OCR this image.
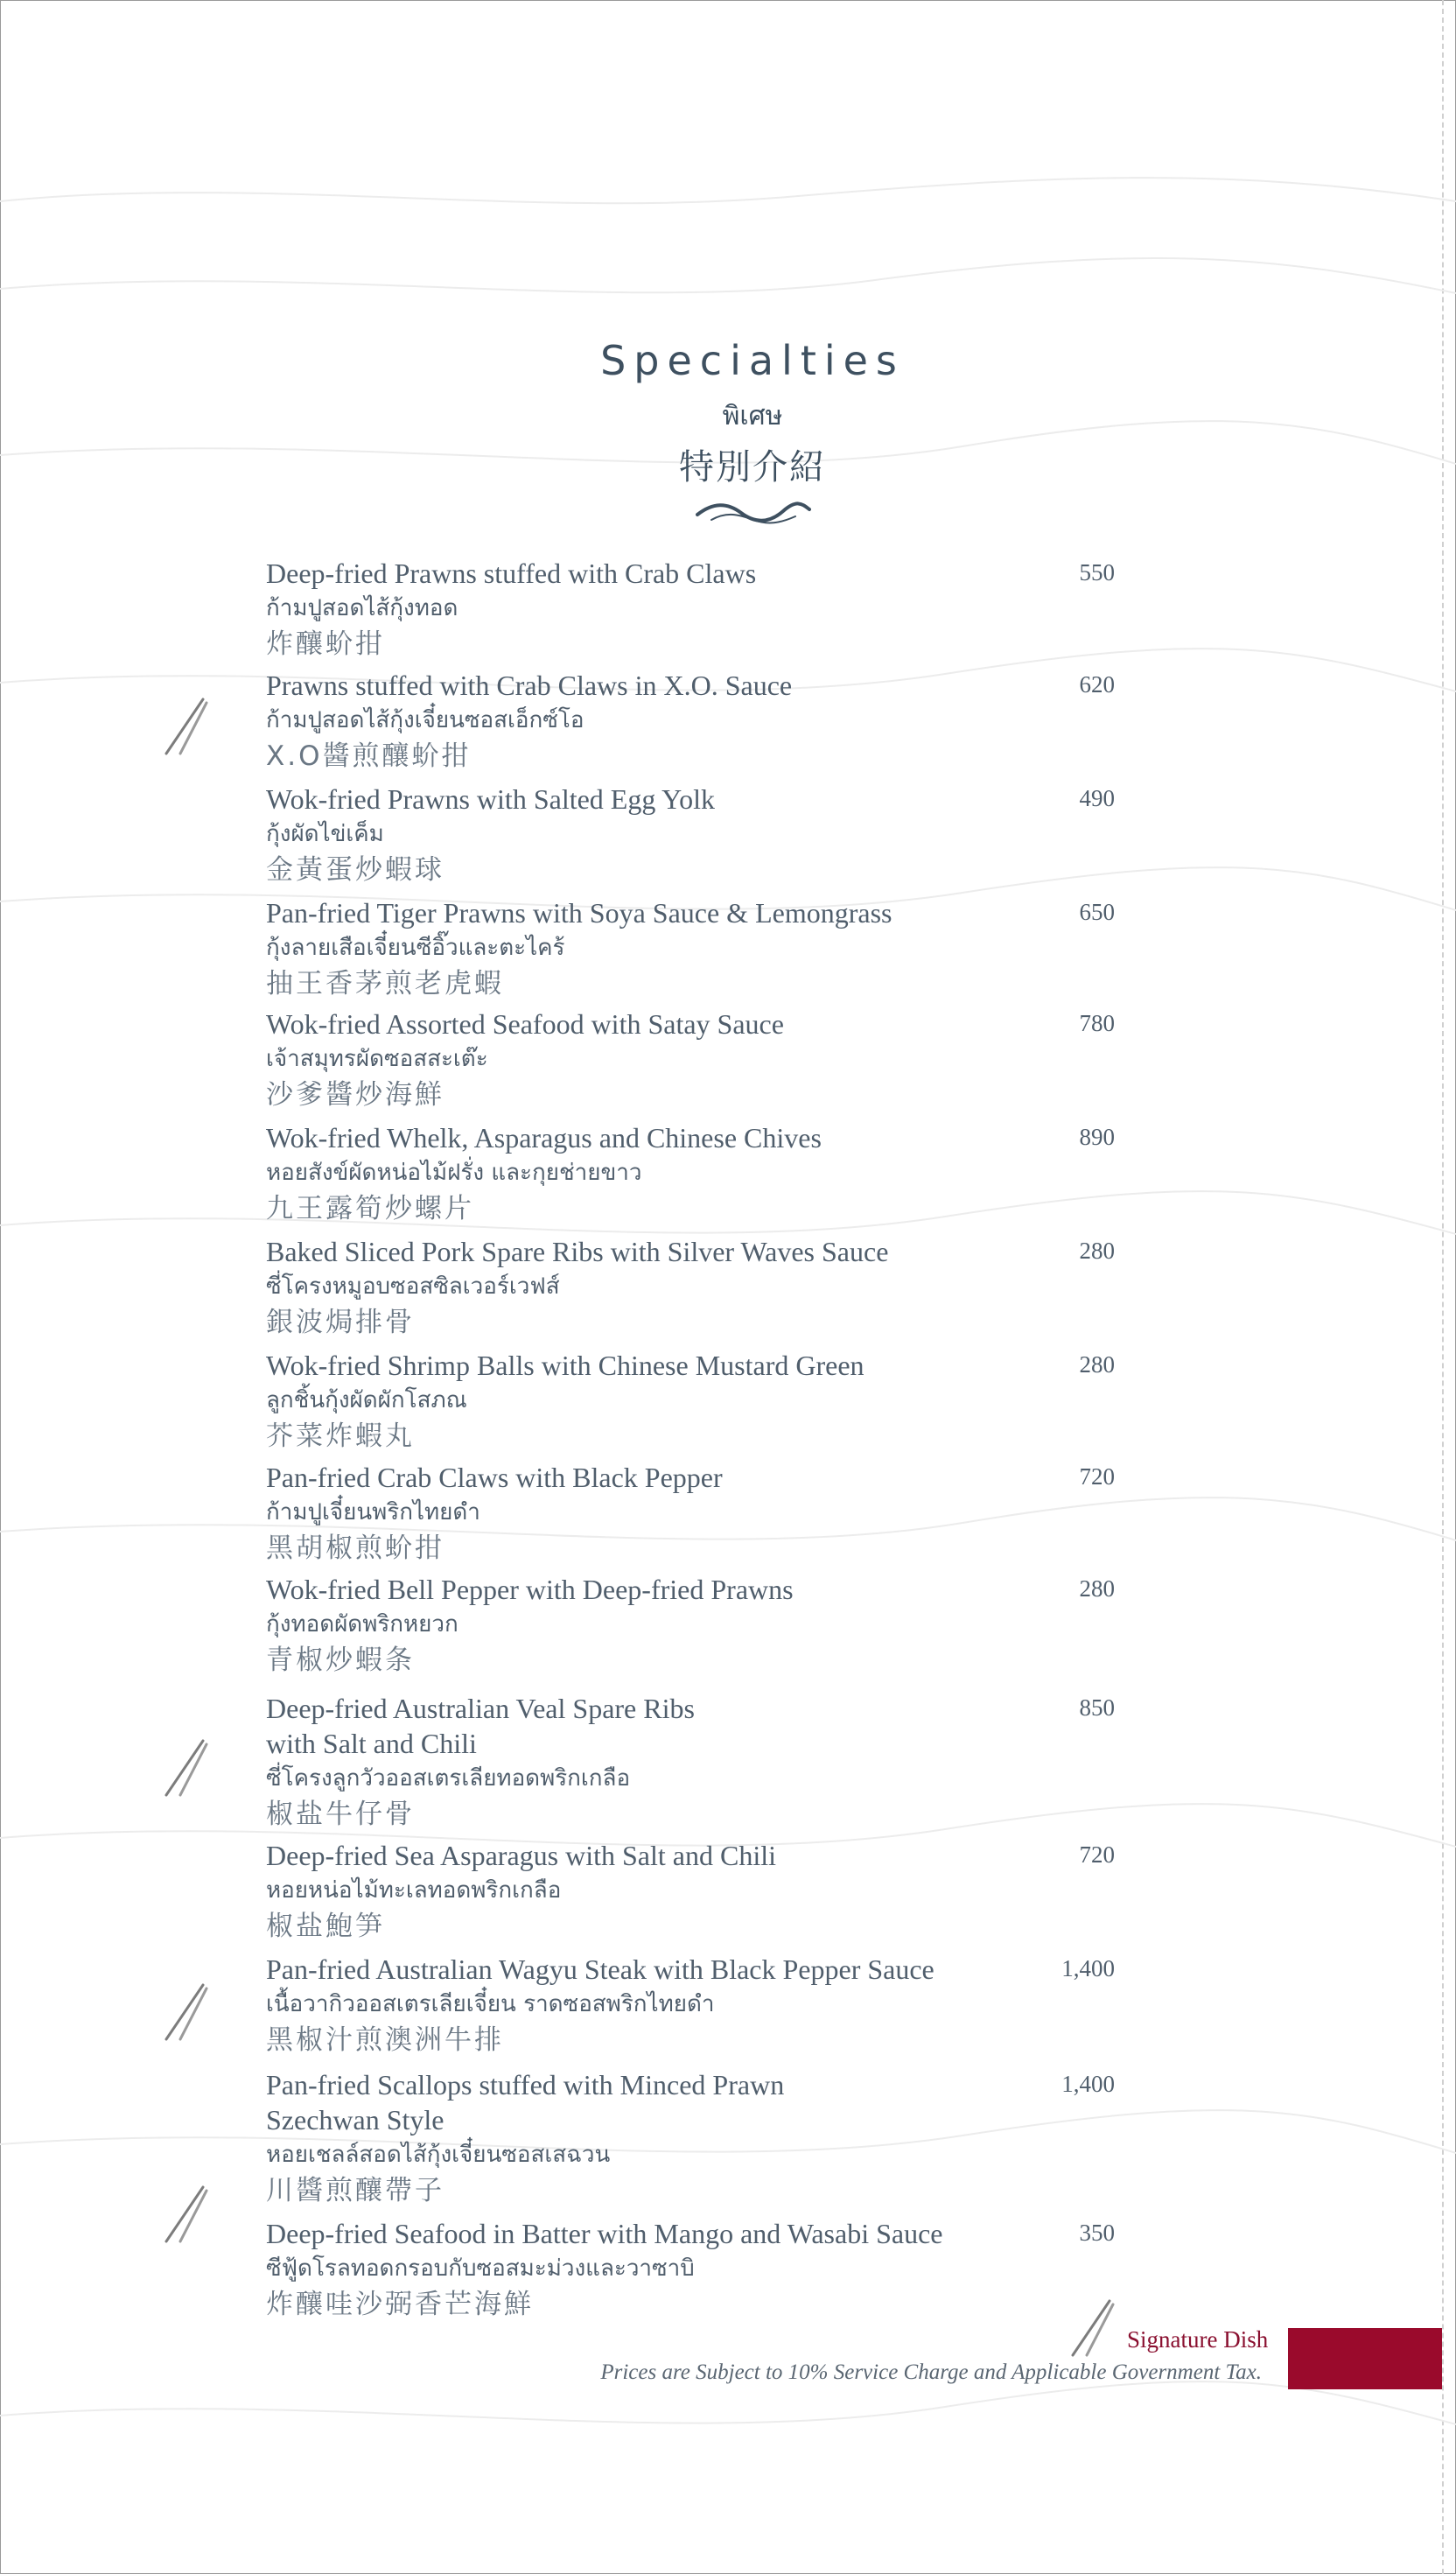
Specialties
พิเศษ
特別介紹
Deep-fried Prawns stuffed with Crab Claws
ก้ามปูสอดไส้กุ้งทอด
炸釀蚧拑
550
Prawns stuffed with Crab Claws in X.O. Sauce
ก้ามปูสอดไส้กุ้งเจี๋ยนซอสเอ็กซ์โอ
X.O醬煎釀蚧拑
620
Wok-fried Prawns with Salted Egg Yolk
กุ้งผัดไข่เค็ม
金黃蛋炒蝦球
490
Pan-fried Tiger Prawns with Soya Sauce & Lemongrass
กุ้งลายเสือเจี๋ยนซีอิ๊วและตะไคร้
抽王香茅煎老虎蝦
650
Wok-fried Assorted Seafood with Satay Sauce
เจ้าสมุทรผัดซอสสะเต๊ะ
沙爹醬炒海鮮
780
Wok-fried Whelk, Asparagus and Chinese Chives
หอยสังข์ผัดหน่อไม้ฝรั่ง และกุยช่ายขาว
九王露筍炒螺片
890
Baked Sliced Pork Spare Ribs with Silver Waves Sauce
ซี่โครงหมูอบซอสซิลเวอร์เวฟส์
銀波焗排骨
280
Wok-fried Shrimp Balls with Chinese Mustard Green
ลูกชิ้นกุ้งผัดผักโสภณ
芥菜炸蝦丸
280
Pan-fried Crab Claws with Black Pepper
ก้ามปูเจี๋ยนพริกไทยดำ
黑胡椒煎蚧拑
720
Wok-fried Bell Pepper with Deep-fried Prawns
กุ้งทอดผัดพริกหยวก
青椒炒蝦条
280
Deep-fried Australian Veal Spare Ribs
with Salt and Chili
ซี่โครงลูกวัวออสเตรเลียทอดพริกเกลือ
椒盐牛仔骨
850
Deep-fried Sea Asparagus with Salt and Chili
หอยหน่อไม้ทะเลทอดพริกเกลือ
椒盐鮑笋
720
Pan-fried Australian Wagyu Steak with Black Pepper Sauce
เนื้อวากิวออสเตรเลียเจี๋ยน ราดซอสพริกไทยดำ
黑椒汁煎澳洲牛排
1,400
Pan-fried Scallops stuffed with Minced Prawn
Szechwan Style
หอยเชลล์สอดไส้กุ้งเจี๋ยนซอสเสฉวน
川醬煎釀帶子
1,400
Deep-fried Seafood in Batter with Mango and Wasabi Sauce
ซีฟู้ดโรลทอดกรอบกับซอสมะม่วงและวาซาบิ
炸釀哇沙弼香芒海鮮
350
Signature Dish
Prices are Subject to 10% Service Charge and Applicable Government Tax.
